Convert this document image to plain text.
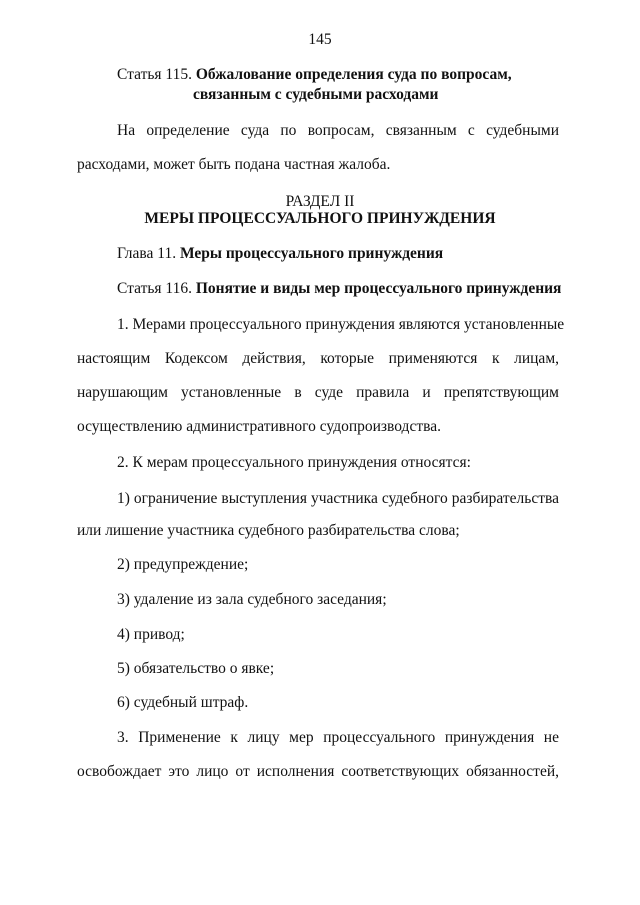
145
Статья 115. Обжалование определения суда по вопросам,
связанным с судебными расходами
На определение суда по вопросам, связанным с судебными
расходами, может быть подана частная жалоба.
РАЗДЕЛ II
МЕРЫ ПРОЦЕССУАЛЬНОГО ПРИНУЖДЕНИЯ
Глава 11. Меры процессуального принуждения
Статья 116. Понятие и виды мер процессуального принуждения
1. Мерами процессуального принуждения являются установленные
настоящим Кодексом действия, которые применяются к лицам,
нарушающим установленные в суде правила и препятствующим
осуществлению административного судопроизводства.
2. К мерам процессуального принуждения относятся:
1) ограничение выступления участника судебного разбирательства
или лишение участника судебного разбирательства слова;
2) предупреждение;
3) удаление из зала судебного заседания;
4) привод;
5) обязательство о явке;
6) судебный штраф.
3. Применение к лицу мер процессуального принуждения не
освобождает это лицо от исполнения соответствующих обязанностей,
